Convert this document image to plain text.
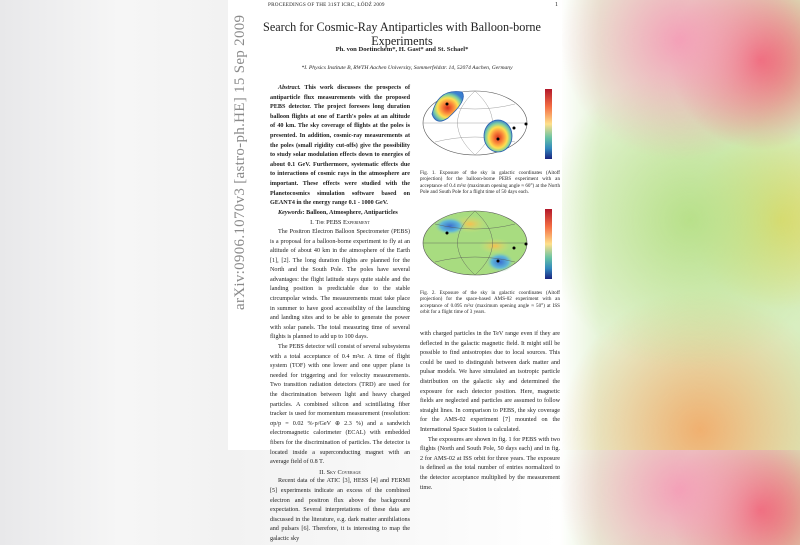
arXiv:0906.1070v3 [astro-ph.HE] 15 Sep 2009
PROCEEDINGS OF THE 31ST ICRC, ŁÓDŹ 2009	1
Search for Cosmic-Ray Antiparticles with Balloon-borne Experiments
Ph. von Doetinchem*, H. Gast* and St. Schael*
*I. Physics Institute B, RWTH Aachen University, Sommerfeldstr. 14, 52074 Aachen, Germany

Abstract. This work discusses the prospects of antiparticle flux measurements with the proposed PEBS detector. The project foresees long duration balloon flights at one of Earth's poles at an altitude of 40 km. The sky coverage of flights at the poles is presented. In addition, cosmic-ray measurements at the poles (small rigidity cut-offs) give the possibility to study solar modulation effects down to energies of about 0.1 GeV. Furthermore, systematic effects due to interactions of cosmic rays in the atmosphere are important. These effects were studied with the Planetocosmics simulation software based on GEANT4 in the energy range 0.1 - 1000 GeV.

Keywords: Balloon, Atmosphere, Antiparticles

I. The PEBS Experiment

The Positron Electron Balloon Spectrometer (PEBS) is a proposal for a balloon-borne experiment to fly at an altitude of about 40 km in the atmosphere of the Earth [1], [2]. The long duration flights are planned for the North and the South Pole. The poles have several advantages: the flight latitude stays quite stable and the landing position is predictable due to the stable circumpolar winds. The measurements must take place in summer to have good accessibility of the launching and landing sites and to be able to generate the power with solar panels. The total measuring time of several flights is planned to add up to 100 days.

The PEBS detector will consist of several subsystems with a total acceptance of 0.4 m²sr. A time of flight system (TOF) with one lower and one upper plane is needed for triggering and for velocity measurements. Two transition radiation detectors (TRD) are used for the discrimination between light and heavy charged particles. A combined silicon and scintillating fiber tracker is used for momentum measurement (resolution: σp/p = 0.02 %·p/GeV ⊕ 2.3 %) and a sandwich electromagnetic calorimeter (ECAL) with embedded fibers for the discrimination of particles. The detector is located inside a superconducting magnet with an average field of 0.8 T.

II. Sky Coverage

Recent data of the ATIC [3], HESS [4] and FERMI [5] experiments indicate an excess of the combined electron and positron flux above the background expectation. Several interpretations of these data are discussed in the literature, e.g. dark matter annihilations and pulsars [6]. Therefore, it is interesting to map the galactic sky

Fig. 1. Exposure of the sky in galactic coordinates (Aitoff projection) for the balloon-borne PEBS experiment with an acceptance of 0.4 m²sr (maximum opening angle ≈ 60°) at the North Pole and South Pole for a flight time of 50 days each.
Fig. 2. Exposure of the sky in galactic coordinates (Aitoff projection) for the space-based AMS-02 experiment with an acceptance of 0.095 m²sr (maximum opening angle ≈ 50°) at ISS orbit for a flight time of 3 years.

with charged particles in the TeV range even if they are deflected in the galactic magnetic field. It might still be possible to find anisotropies due to local sources. This could be used to distinguish between dark matter and pulsar models. We have simulated an isotropic particle distribution on the galactic sky and determined the exposure for each detector position. Here, magnetic fields are neglected and particles are assumed to follow straight lines. In comparison to PEBS, the sky coverage for the AMS-02 experiment [7] mounted on the International Space Station is calculated.

The exposures are shown in fig. 1 for PEBS with two flights (North and South Pole, 50 days each) and in fig. 2 for AMS-02 at ISS orbit for three years. The exposure is defined as the total number of entries normalized to the detector acceptance multiplied by the measurement time.
